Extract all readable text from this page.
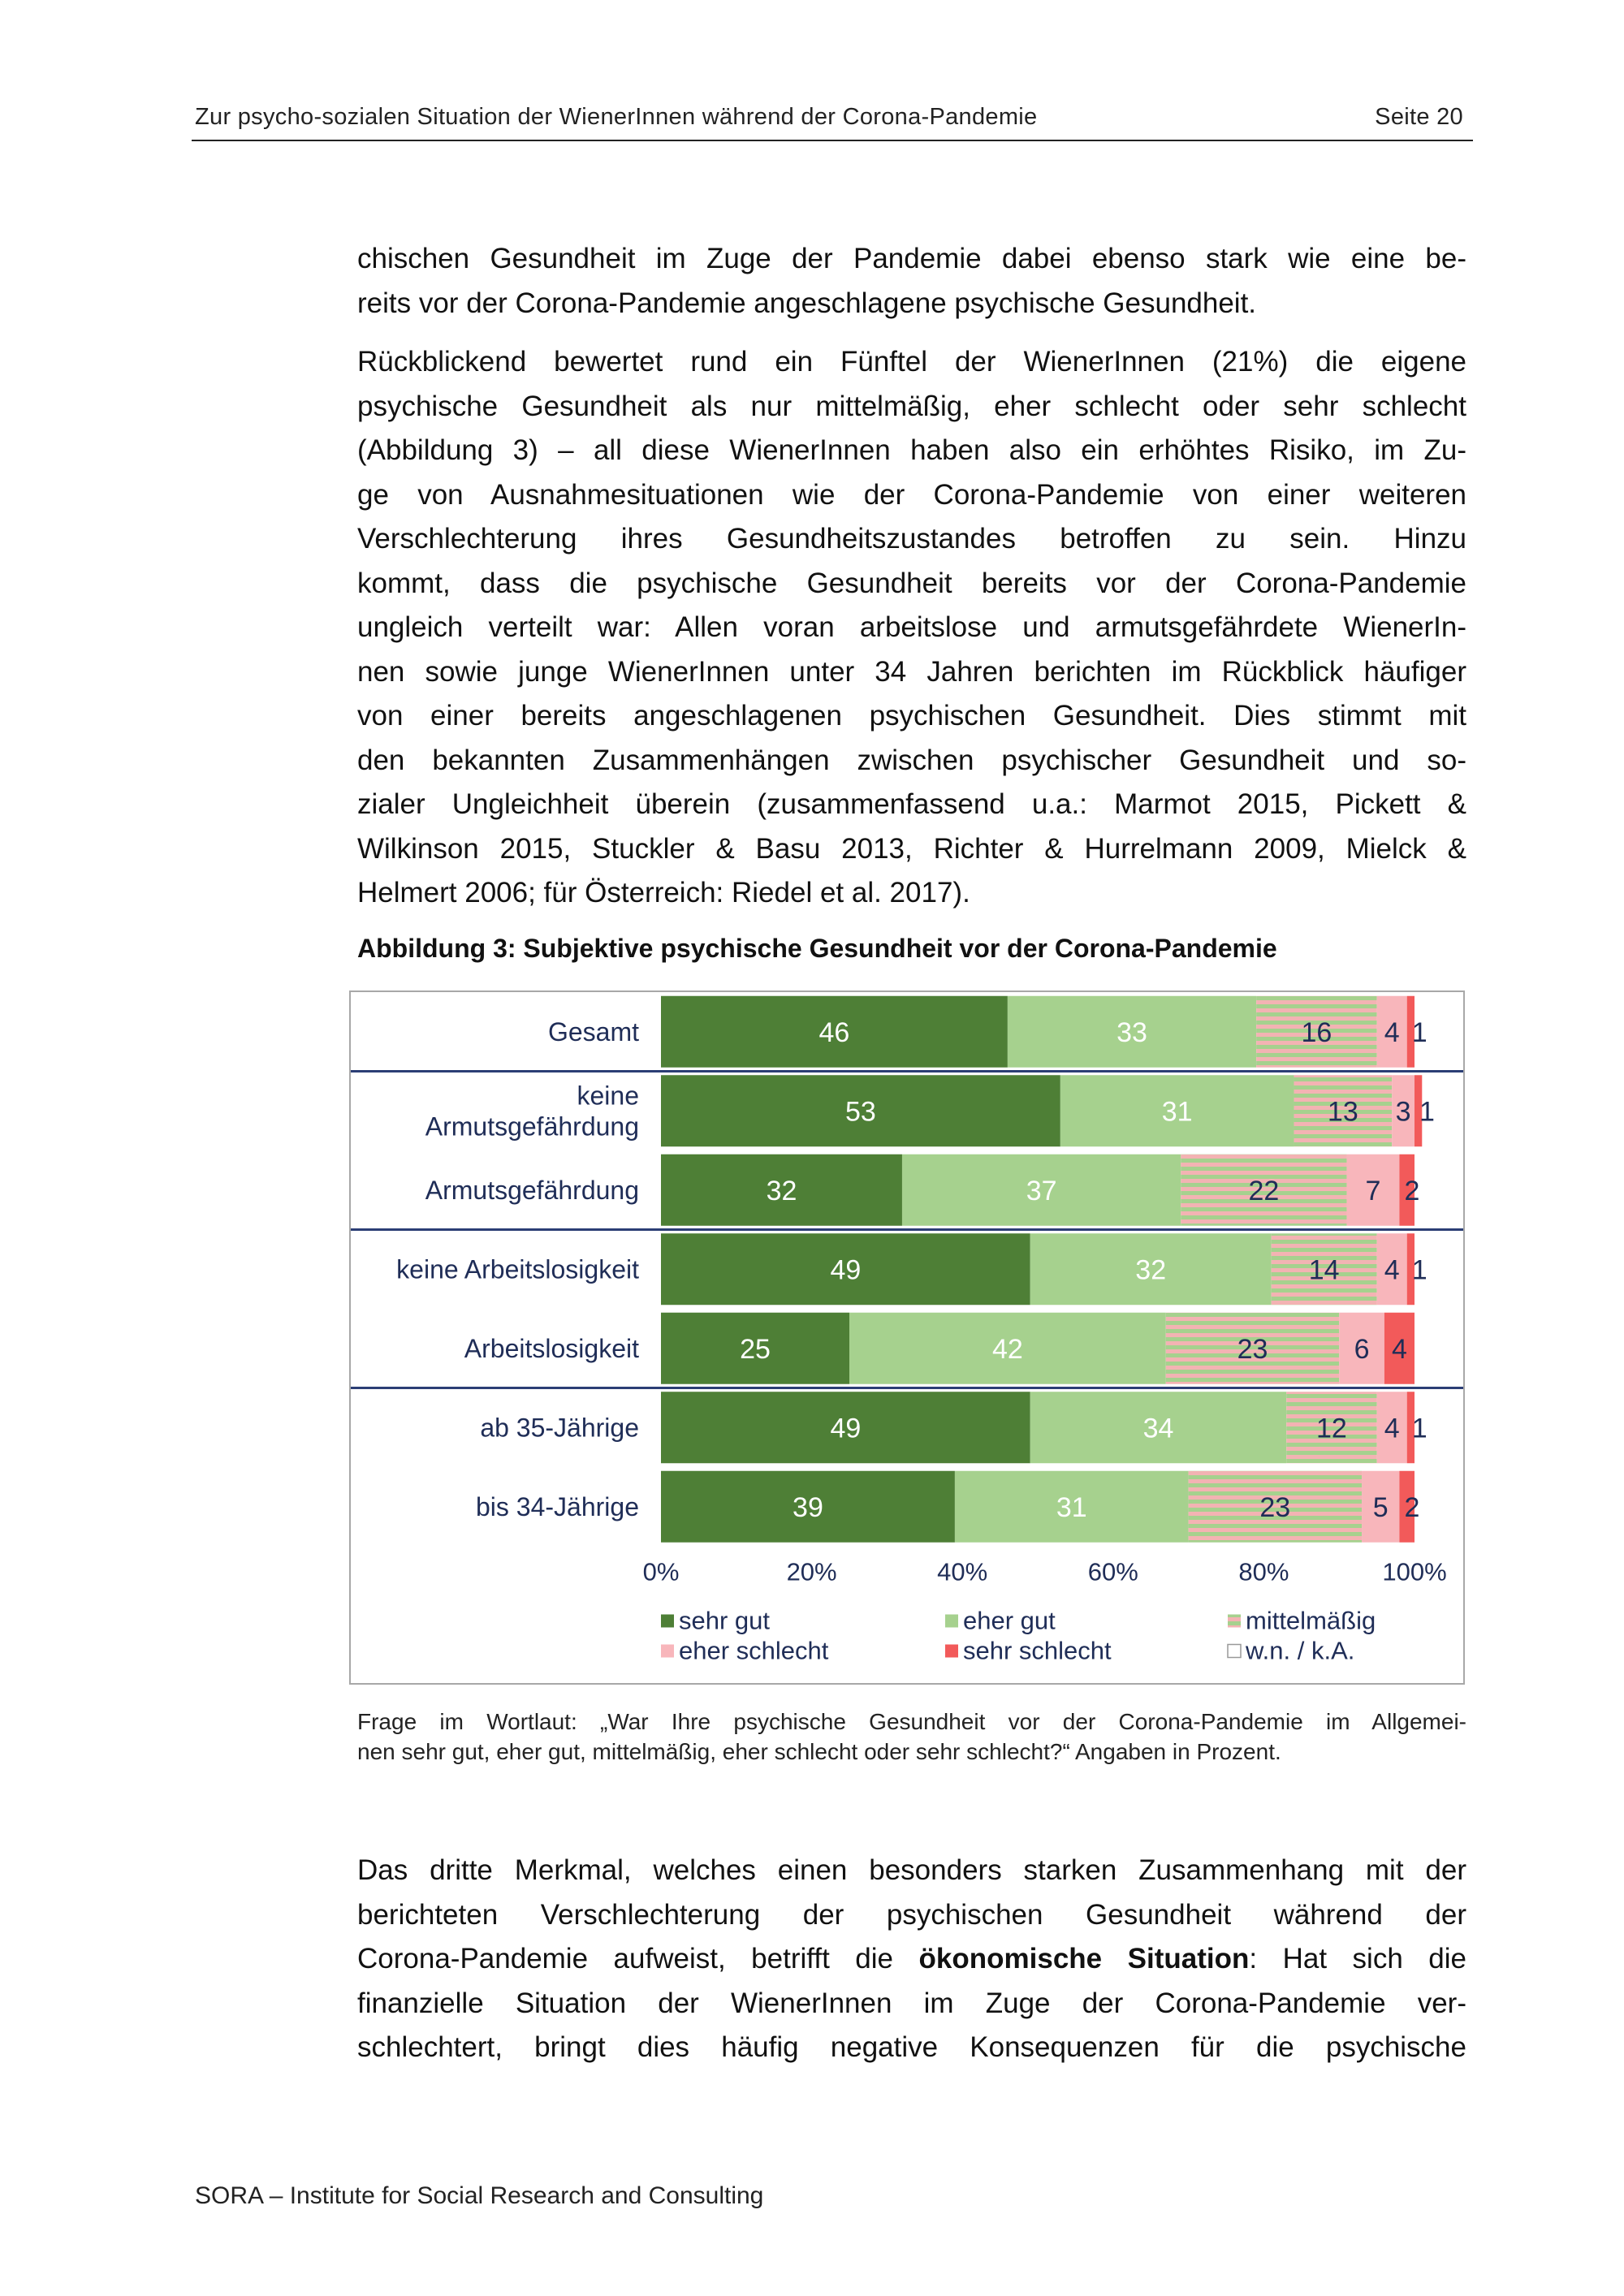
Zur psycho-sozialen Situation der WienerInnen während der Corona-Pandemie	Seite 20

chischen Gesundheit im Zuge der Pandemie dabei ebenso stark wie eine be-
reits vor der Corona-Pandemie angeschlagene psychische Gesundheit.

Rückblickend bewertet rund ein Fünftel der WienerInnen (21%) die eigene
psychische Gesundheit als nur mittelmäßig, eher schlecht oder sehr schlecht
(Abbildung 3) – all diese WienerInnen haben also ein erhöhtes Risiko, im Zu-
ge von Ausnahmesituationen wie der Corona-Pandemie von einer weiteren
Verschlechterung ihres Gesundheitszustandes betroffen zu sein. Hinzu
kommt, dass die psychische Gesundheit bereits vor der Corona-Pandemie
ungleich verteilt war: Allen voran arbeitslose und armutsgefährdete WienerIn-
nen sowie junge WienerInnen unter 34 Jahren berichten im Rückblick häufiger
von einer bereits angeschlagenen psychischen Gesundheit. Dies stimmt mit
den bekannten Zusammenhängen zwischen psychischer Gesundheit und so-
zialer Ungleichheit überein (zusammenfassend u.a.: Marmot 2015, Pickett &
Wilkinson 2015, Stuckler & Basu 2013, Richter & Hurrelmann 2009, Mielck &
Helmert 2006; für Österreich: Riedel et al. 2017).

Abbildung 3: Subjektive psychische Gesundheit vor der Corona-Pandemie
Gesamt	46	33	16 4 1
keine
Armutsgefährdung	53	31	13 3 1
Armutsgefährdung	32	37	22	7 2
keine Arbeitslosigkeit	49	32	14 4 1
Arbeitslosigkeit	25	42	23	6 4
ab 35-Jährige	49	34	12 4 1
bis 34-Jährige	39	31	23	5 2
0%	20%	40%	60%	80%	100%
sehr gut	eher gut	mittelmäßig
eher schlecht	sehr schlecht	w.n. / k.A.
Frage im Wortlaut: „War Ihre psychische Gesundheit vor der Corona-Pandemie im Allgemei-
nen sehr gut, eher gut, mittelmäßig, eher schlecht oder sehr schlecht?“ Angaben in Prozent.

Das dritte Merkmal, welches einen besonders starken Zusammenhang mit der
berichteten Verschlechterung der psychischen Gesundheit während der
Corona-Pandemie aufweist, betrifft die ökonomische Situation: Hat sich die
finanzielle Situation der WienerInnen im Zuge der Corona-Pandemie ver-
schlechtert, bringt dies häufig negative Konsequenzen für die psychische

SORA – Institute for Social Research and Consulting
